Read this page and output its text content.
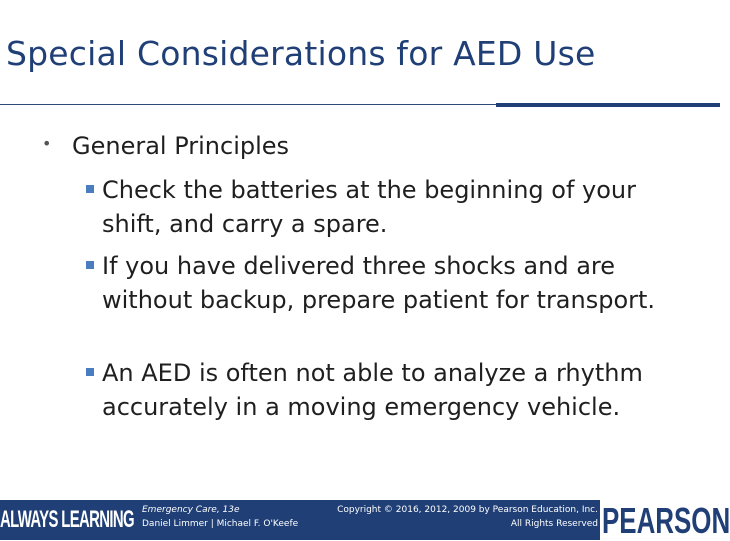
Special Considerations for AED Use
• General Principles
Check the batteries at the beginning of your shift, and carry a spare.
If you have delivered three shocks and are without backup, prepare patient for transport.
An AED is often not able to analyze a rhythm accurately in a moving emergency vehicle.
ALWAYS LEARNING Emergency Care, 13e
Daniel Limmer | Michael F. O'Keefe
Copyright © 2016, 2012, 2009 by Pearson Education, Inc.
All Rights Reserved PEARSON
